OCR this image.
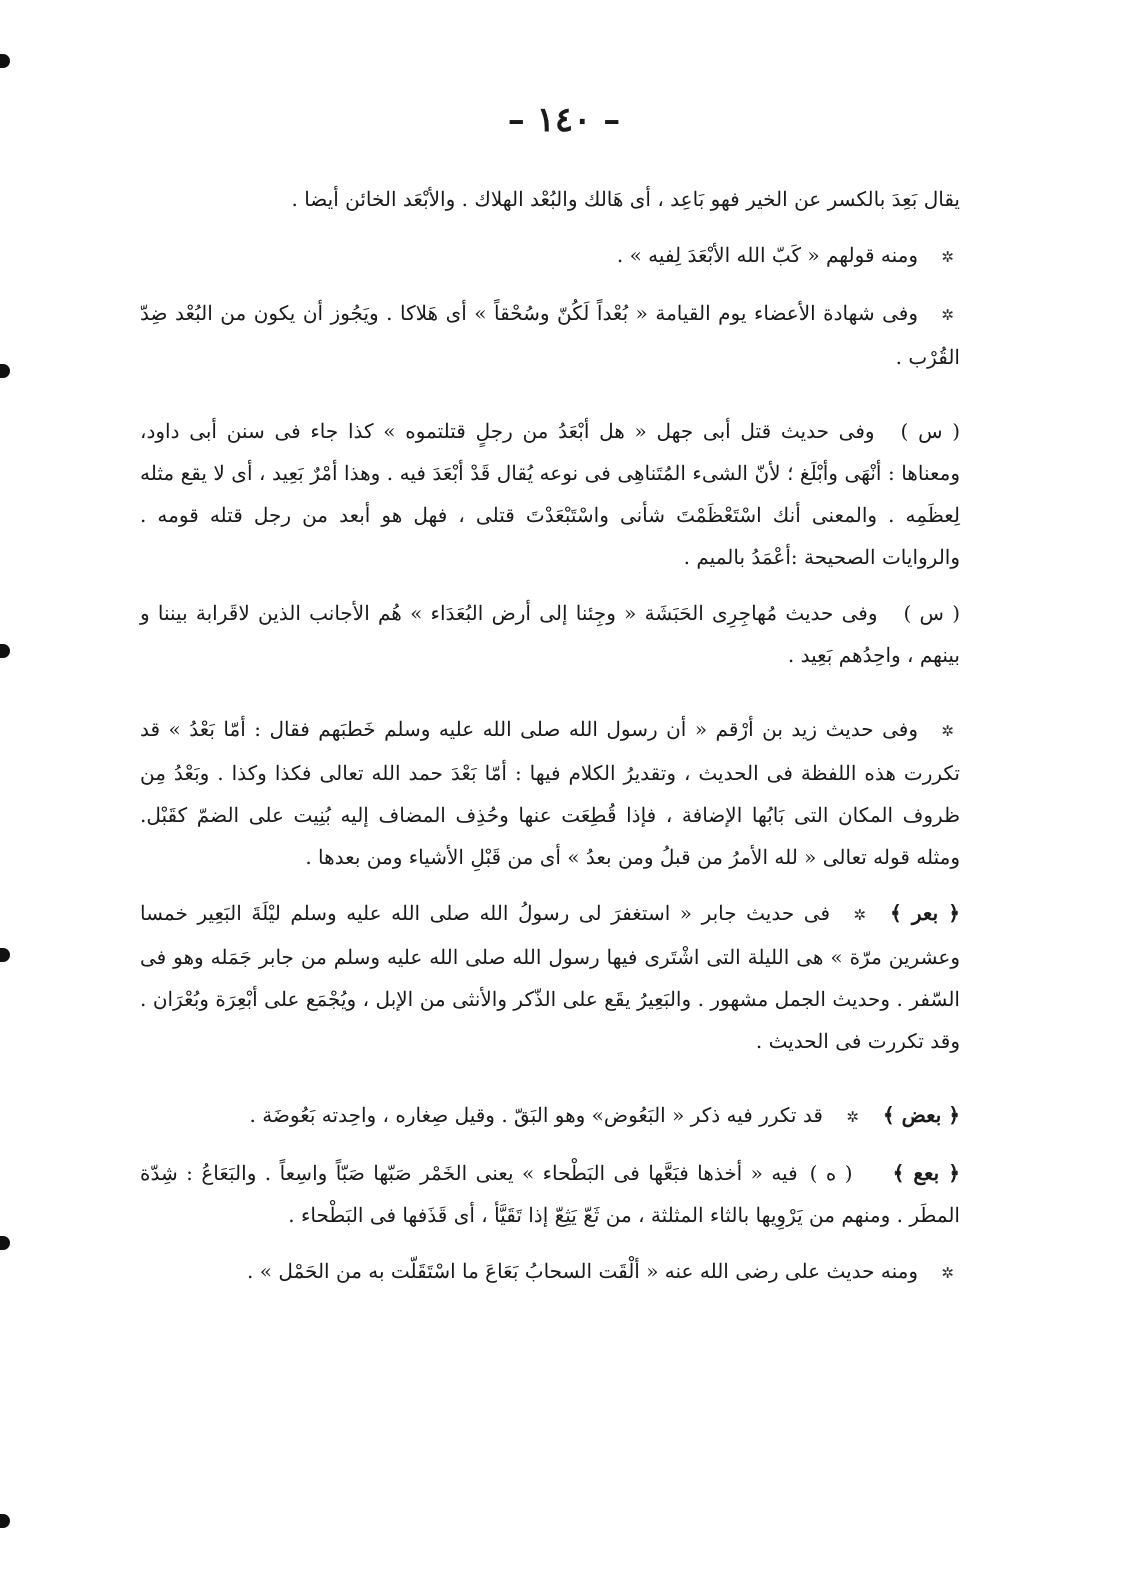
– ١٤٠ –

يقال بَعِدَ بالكسر عن الخير فهو بَاعِد ، أى هَالك والبُعْد الهلاك . والأبْعَد الخائن أيضا .

✲ومنه قولهم « كَبّ الله الأبْعَدَ لِفيه » .

✲وفى شهادة الأعضاء يوم القيامة « بُعْداً لَكُنّ وسُحْقاً » أى هَلاكا . ويَجُوز أن يكون من البُعْد ضِدّ القُرْب .

( س )وفى حديث قتل أبى جهل « هل أبْعَدُ من رجلٍ قتلتموه » كذا جاء فى سنن أبى داود، ومعناها : أنْهَى وأبْلَغ ؛ لأنّ الشىء المُتَناهِى فى نوعه يُقال قَدْ أبْعَدَ فيه . وهذا أمْرٌ بَعِيد ، أى لا يقع مثله لِعظَمِه . والمعنى أنك اسْتَعْظَمْتَ شأنى واسْتَبْعَدْتَ قتلى ، فهل هو أبعد من رجل قتله قومه . والروايات الصحيحة :أعْمَدُ بالميم .

( س )وفى حديث مُهاجِرِى الحَبَشَة « وجِئنا إلى أرض البُعَدَاء » هُم الأجانب الذين لاقَرابة بيننا و بينهم ، واحِدُهم بَعِيد .

✲وفى حديث زيد بن أرْقم « أن رسول الله صلى الله عليه وسلم خَطبَهم فقال : أمّا بَعْدُ » قد تكررت هذه اللفظة فى الحديث ، وتقديرُ الكلام فيها : أمّا بَعْدَ حمد الله تعالى فكذا وكذا . وبَعْدُ مِن ظروف المكان التى بَابُها الإضافة ، فإذا قُطِعَت عنها وحُذِف المضاف إليه بُنِيت على الضمّ كقَبْل. ومثله قوله تعالى « لله الأمرُ من قبلُ ومن بعدُ » أى من قَبْلِ الأشياء ومن بعدها .

﴿ بعر ﴾✲فى حديث جابر « استغفرَ لى رسولُ الله صلى الله عليه وسلم ليْلَةَ البَعِير خمسا وعشرين مرّة » هى الليلة التى اشْتَرى فيها رسول الله صلى الله عليه وسلم من جابر جَمَله وهو فى السّفر . وحديث الجمل مشهور . والبَعِيرُ يقَع على الذّكر والأنثى من الإبل ، ويُجْمَع على أبْعِرَة وبُعْرَان . وقد تكررت فى الحديث .

﴿ بعض ﴾✲قد تكرر فيه ذكر « البَعُوض» وهو البَقّ . وقيل صِغاره ، واحِدته بَعُوضَة .

﴿ بعع ﴾( ه )فيه « أخذها فبَعَّها فى البَطْحاء » يعنى الخَمْر صَبّها صَبّاً واسِعاً . والبَعَاعُ : شِدّة المطَر . ومنهم من يَرْوِيها بالثاء المثلثة ، من ثَعّ يَثِعّ إذا تَقَيَّأ ، أى قَذَفها فى البَطْحاء .

✲ومنه حديث على رضى الله عنه « ألْقَت السحابُ بَعَاعَ ما اسْتَقَلّت به من الحَمْل » .
